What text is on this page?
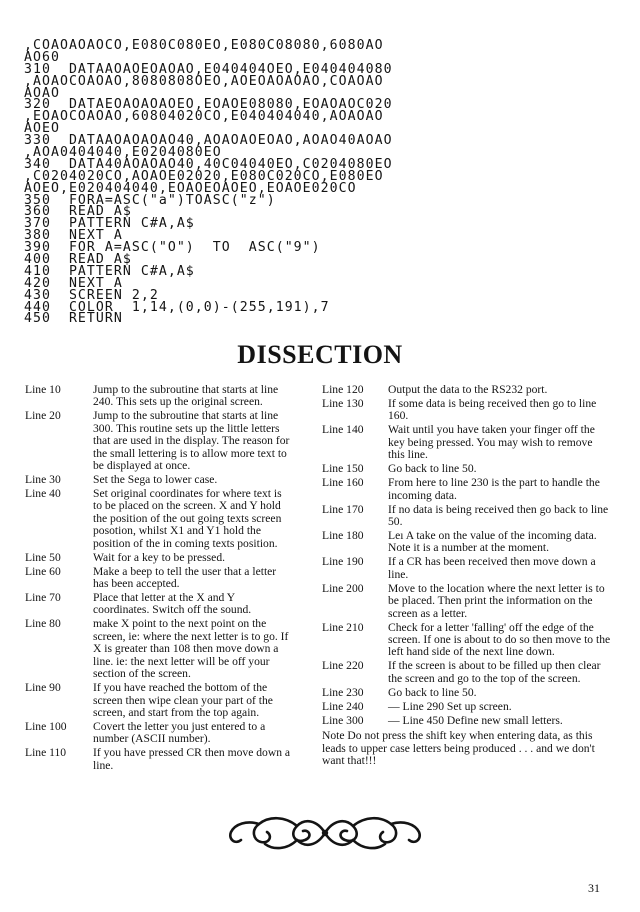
,COAOAOAOCO,E080C080EO,E080C08080,6080AO
AO60
310  DATAAOAOEOAOAO,E040404OEO,E040404080
,AOAOCOAOAO,8080808OEO,AOEOAOAOAO,COAOAO
AOAO
320  DATAEOAOAOAOEO,EOAOE08080,EOAOAOC020
,EOAOCOAOAO,60804020CO,E040404040,AOAOAO
AOEO
330  DATAAOAOAOAO40,AOAOAOEOAO,AOAO40AOAO
,AOA0404040,E0204080EO
340  DATA40AOAOAO40,40C04040EO,C0204080EO
,C0204020CO,AOAOE02020,E080C020CO,E080EO
AOEO,E020404040,EOAOEOAOEO,EOAOE020CO
350  FORA=ASC("a")TOASC("z")
360  READ A$
370  PATTERN C#A,A$
380  NEXT A
390  FOR A=ASC("O")  TO  ASC("9")
400  READ A$
410  PATTERN C#A,A$
420  NEXT A
430  SCREEN 2,2
440  COLOR  1,14,(0,0)-(255,191),7
450  RETURN
DISSECTION
Line 10	Jump to the subroutine that starts at line 240. This sets up the original screen.
Line 20	Jump to the subroutine that starts at line 300. This routine sets up the little letters that are used in the display. The reason for the small lettering is to allow more text to be displayed at once.
Line 30	Set the Sega to lower case.
Line 40	Set original coordinates for where text is to be placed on the screen. X and Y hold the position of the out going texts screen posotion, whilst X1 and Y1 hold the position of the in coming texts position.
Line 50	Wait for a key to be pressed.
Line 60	Make a beep to tell the user that a letter has been accepted.
Line 70	Place that letter at the X and Y coordinates. Switch off the sound.
Line 80	make X point to the next point on the screen, ie: where the next letter is to go. If X is greater than 108 then move down a line. ie: the next letter will be off your section of the screen.
Line 90	If you have reached the bottom of the screen then wipe clean your part of the screen, and start from the top again.
Line 100	Covert the letter you just entered to a number (ASCII number).
Line 110	If you have pressed CR then move down a line.
Line 120	Output the data to the RS232 port.
Line 130	If some data is being received then go to line 160.
Line 140	Wait until you have taken your finger off the key being pressed. You may wish to remove this line.
Line 150	Go back to line 50.
Line 160	From here to line 230 is the part to handle the incoming data.
Line 170	If no data is being received then go back to line 50.
Line 180	Leı A take on the value of the incoming data. Note it is a number at the moment.
Line 190	If a CR has been received then move down a line.
Line 200	Move to the location where the next letter is to be placed. Then print the information on the screen as a letter.
Line 210	Check for a letter 'falling' off the edge of the screen. If one is about to do so then move to the left hand side of the next line down.
Line 220	If the screen is about to be filled up then clear the screen and go to the top of the screen.
Line 230	Go back to line 50.
Line 240	— Line 290 Set up screen.
Line 300	— Line 450 Define new small letters.
Note Do not press the shift key when entering data, as this leads to upper case letters being produced . . . and we don't want that!!!
31
